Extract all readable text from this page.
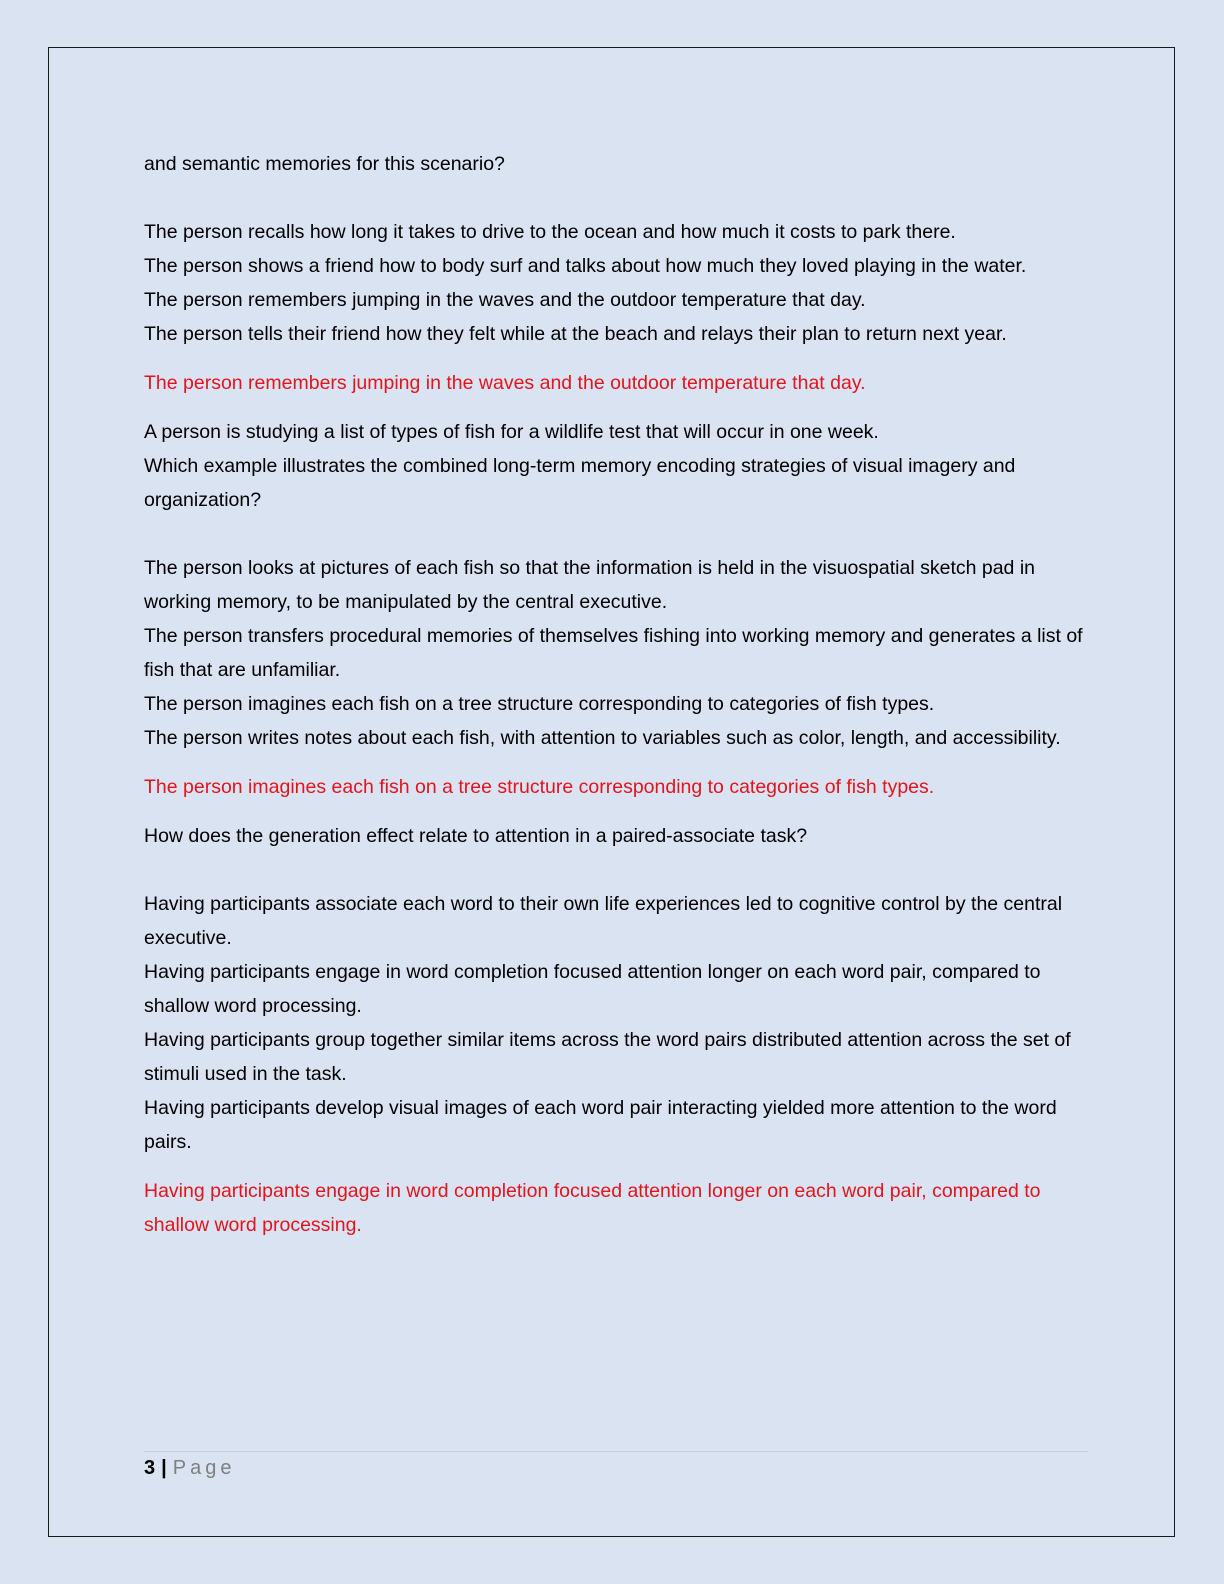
and semantic memories for this scenario?

The person recalls how long it takes to drive to the ocean and how much it costs to park there.

The person shows a friend how to body surf and talks about how much they loved playing in the water.

The person remembers jumping in the waves and the outdoor temperature that day.

The person tells their friend how they felt while at the beach and relays their plan to return next year.

The person remembers jumping in the waves and the outdoor temperature that day.

A person is studying a list of types of fish for a wildlife test that will occur in one week.

Which example illustrates the combined long-term memory encoding strategies of visual imagery and organization?

The person looks at pictures of each fish so that the information is held in the visuospatial sketch pad in working memory, to be manipulated by the central executive.

The person transfers procedural memories of themselves fishing into working memory and generates a list of fish that are unfamiliar.

The person imagines each fish on a tree structure corresponding to categories of fish types.

The person writes notes about each fish, with attention to variables such as color, length, and accessibility.

The person imagines each fish on a tree structure corresponding to categories of fish types.

How does the generation effect relate to attention in a paired-associate task?

Having participants associate each word to their own life experiences led to cognitive control by the central executive.

Having participants engage in word completion focused attention longer on each word pair, compared to shallow word processing.

Having participants group together similar items across the word pairs distributed attention across the set of stimuli used in the task.

Having participants develop visual images of each word pair interacting yielded more attention to the word pairs.

Having participants engage in word completion focused attention longer on each word pair, compared to shallow word processing.

3 | Page
